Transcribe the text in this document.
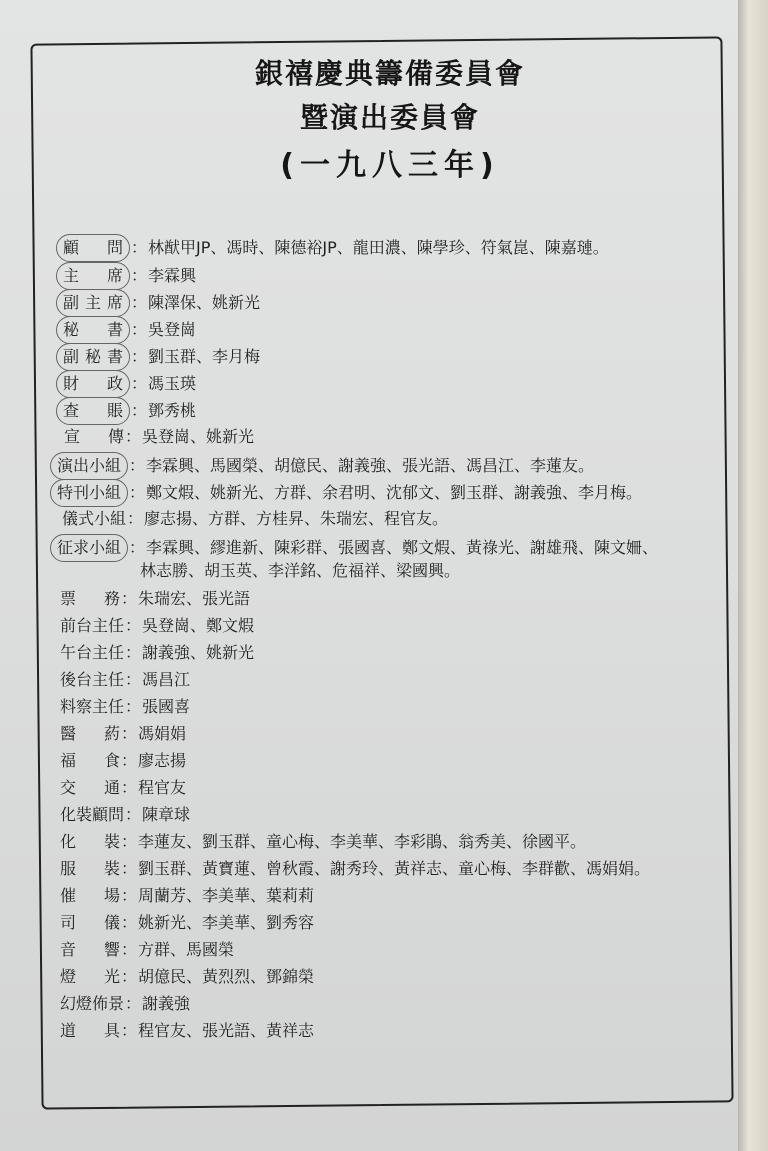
銀禧慶典籌備委員會
暨演出委員會
(一九八三年)
顧　問 ：林猷甲JP、馮時、陳德裕JP、龍田濃、陳學珍、符氣崑、陳嘉璉。
主　席 ：李霖興
副主席 ：陳澤保、姚新光
秘　書 ：吳登崗
副秘書 ：劉玉群、李月梅
財　政 ：馮玉瑛
查　賬 ：鄧秀桃
宣　傳：吳登崗、姚新光
演出小組 ：李霖興、馬國榮、胡億民、謝義強、張光語、馮昌江、李蓮友。
特刊小組 ：鄭文煆、姚新光、方群、余君明、沈郁文、劉玉群、謝義強、李月梅。
儀式小組：廖志揚、方群、方桂昇、朱瑞宏、程官友。
征求小組 ：李霖興、繆進新、陳彩群、張國喜、鄭文煆、黃祿光、謝雄飛、陳文姍、
林志勝、胡玉英、李洋銘、危福祥、梁國興。
票　務：朱瑞宏、張光語
前台主任：吳登崗、鄭文煆
午台主任：謝義強、姚新光
後台主任：馮昌江
料察主任：張國喜
醫　葯：馮娟娟
福　食：廖志揚
交　通：程官友
化裝顧問：陳章球
化　裝：李蓮友、劉玉群、童心梅、李美華、李彩鵑、翁秀美、徐國平。
服　裝：劉玉群、黃寶蓮、曾秋霞、謝秀玲、黃祥志、童心梅、李群歡、馮娟娟。
催　場：周蘭芳、李美華、葉莉莉
司　儀：姚新光、李美華、劉秀容
音　響：方群、馬國榮
燈　光：胡億民、黃烈烈、鄧錦榮
幻燈佈景：謝義強
道　具：程官友、張光語、黃祥志
